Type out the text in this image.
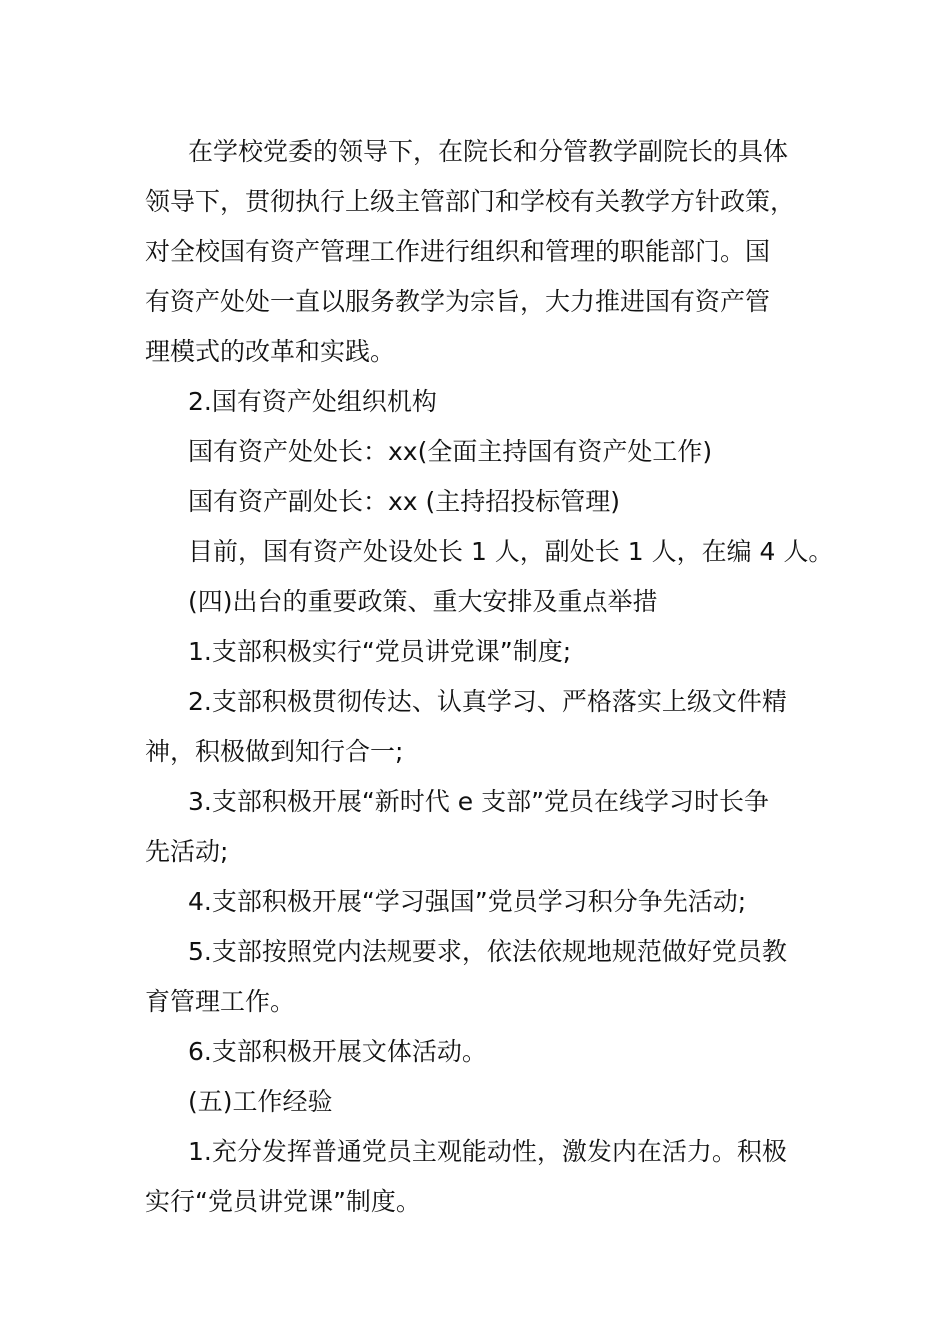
在学校党委的领导下，在院长和分管教学副院长的具体
领导下，贯彻执行上级主管部门和学校有关教学方针政策，
对全校国有资产管理工作进行组织和管理的职能部门。国
有资产处处一直以服务教学为宗旨，大力推进国有资产管
理模式的改革和实践。
2.国有资产处组织机构
国有资产处处长：xx(全面主持国有资产处工作)
国有资产副处长：xx (主持招投标管理)
目前，国有资产处设处长 1 人，副处长 1 人，在编 4 人。
(四)出台的重要政策、重大安排及重点举措
1.支部积极实行“党员讲党课”制度;
2.支部积极贯彻传达、认真学习、严格落实上级文件精
神，积极做到知行合一;
3.支部积极开展“新时代 e 支部”党员在线学习时长争
先活动;
4.支部积极开展“学习强国”党员学习积分争先活动;
5.支部按照党内法规要求，依法依规地规范做好党员教
育管理工作。
6.支部积极开展文体活动。
(五)工作经验
1.充分发挥普通党员主观能动性，激发内在活力。积极
实行“党员讲党课”制度。
